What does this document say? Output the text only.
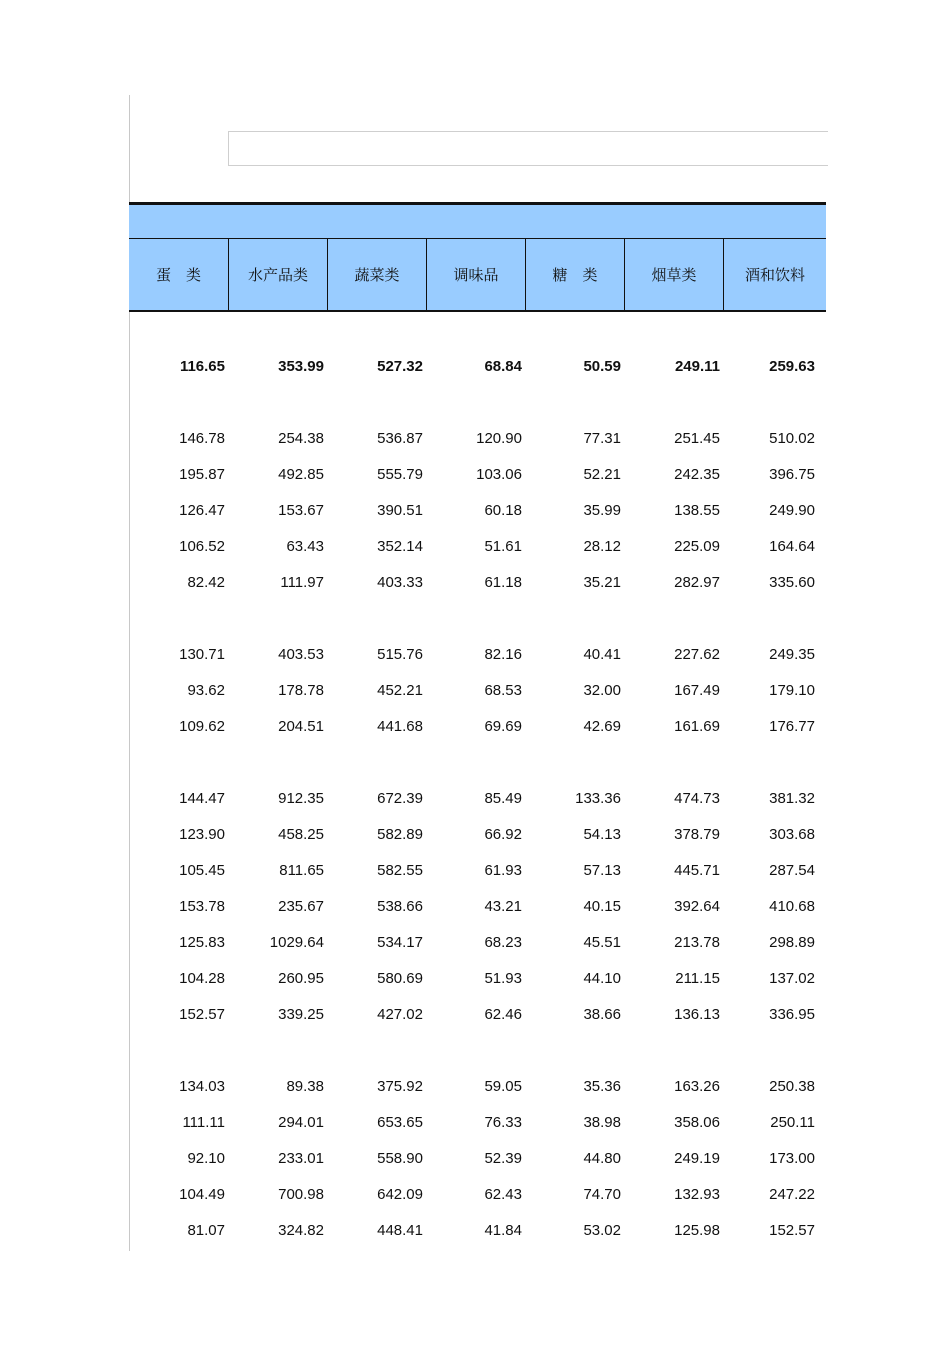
蛋　类	水产品类	蔬菜类	调味品	糖　类	烟草类	酒和饮料
116.65	353.99	527.32	68.84	50.59	249.11	259.63
146.78	254.38	536.87	120.90	77.31	251.45	510.02
195.87	492.85	555.79	103.06	52.21	242.35	396.75
126.47	153.67	390.51	60.18	35.99	138.55	249.90
106.52	63.43	352.14	51.61	28.12	225.09	164.64
82.42	111.97	403.33	61.18	35.21	282.97	335.60
130.71	403.53	515.76	82.16	40.41	227.62	249.35
93.62	178.78	452.21	68.53	32.00	167.49	179.10
109.62	204.51	441.68	69.69	42.69	161.69	176.77
144.47	912.35	672.39	85.49	133.36	474.73	381.32
123.90	458.25	582.89	66.92	54.13	378.79	303.68
105.45	811.65	582.55	61.93	57.13	445.71	287.54
153.78	235.67	538.66	43.21	40.15	392.64	410.68
125.83	1029.64	534.17	68.23	45.51	213.78	298.89
104.28	260.95	580.69	51.93	44.10	211.15	137.02
152.57	339.25	427.02	62.46	38.66	136.13	336.95
134.03	89.38	375.92	59.05	35.36	163.26	250.38
111.11	294.01	653.65	76.33	38.98	358.06	250.11
92.10	233.01	558.90	52.39	44.80	249.19	173.00
104.49	700.98	642.09	62.43	74.70	132.93	247.22
81.07	324.82	448.41	41.84	53.02	125.98	152.57
